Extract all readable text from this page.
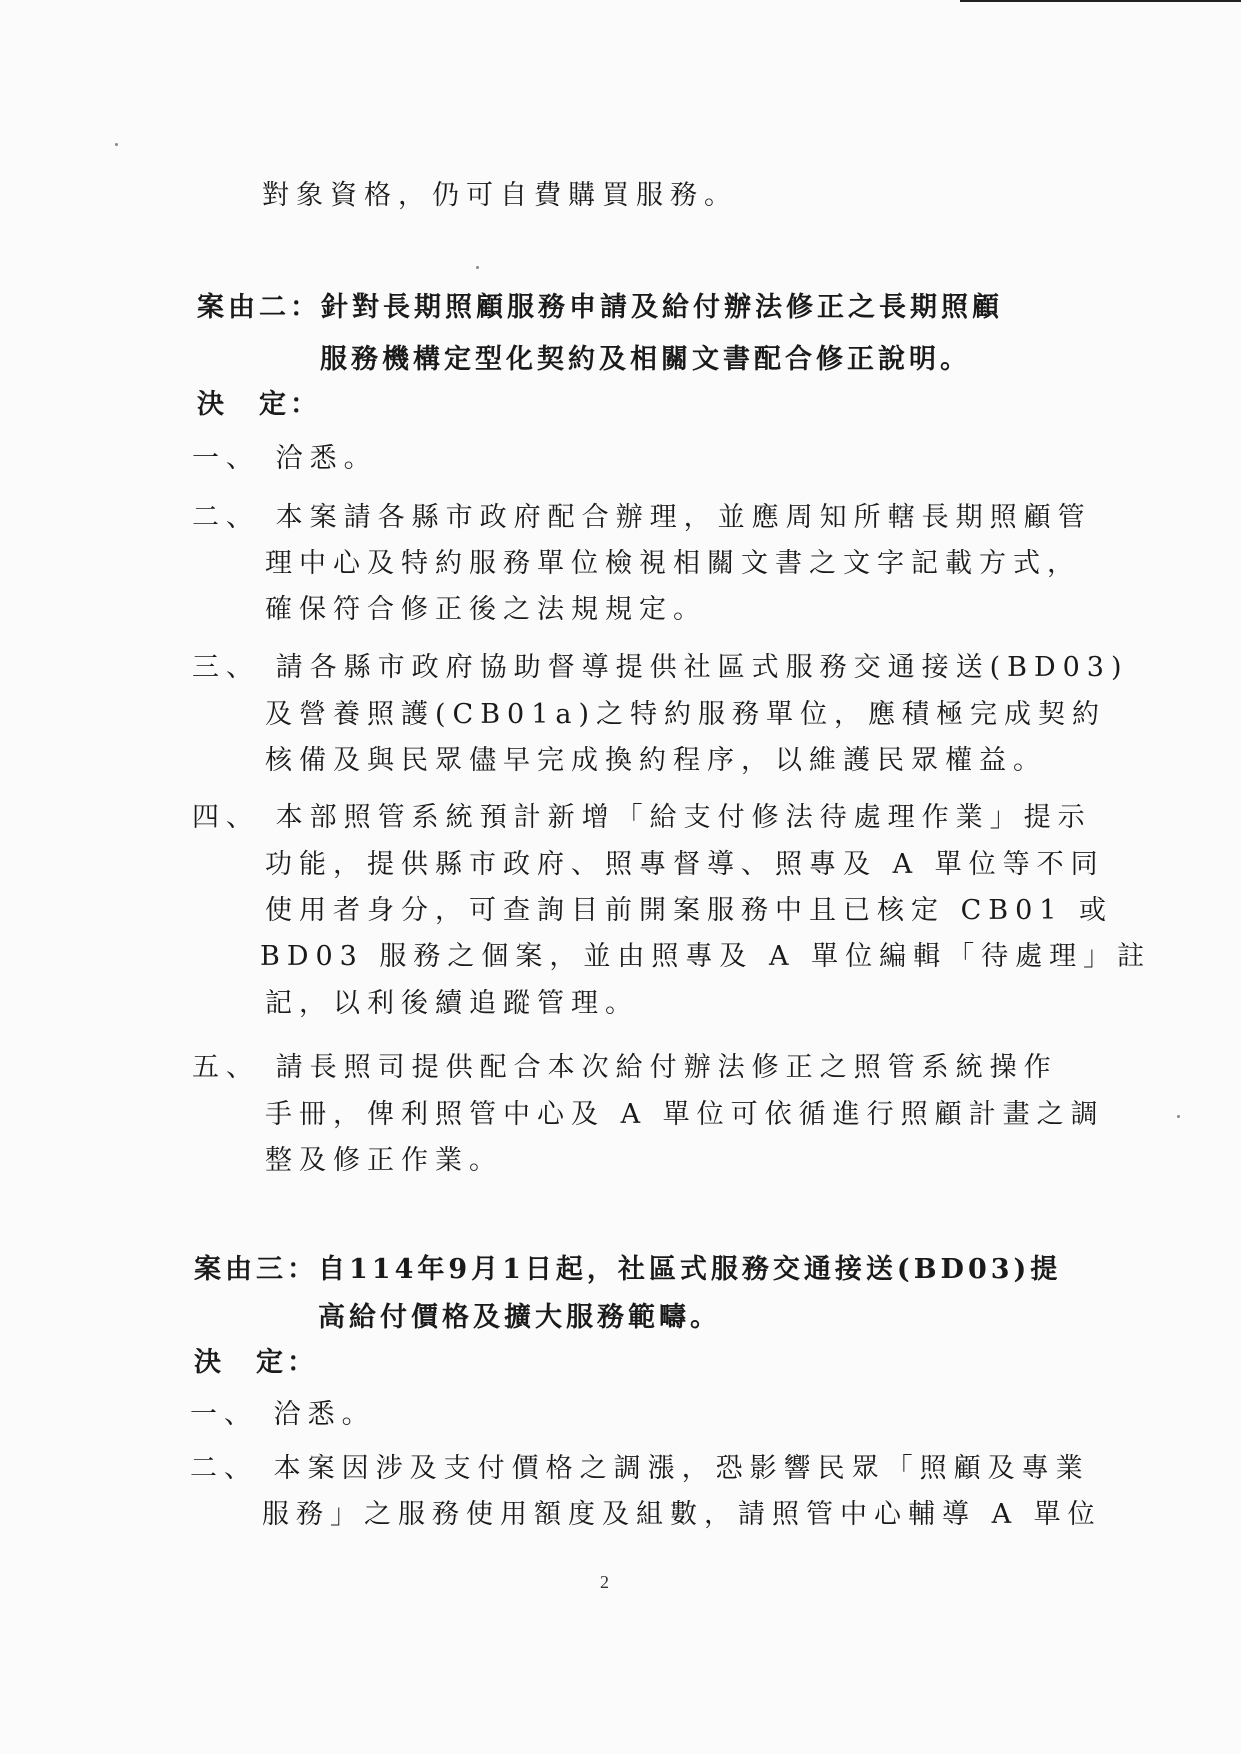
對象資格，仍可自費購買服務。
案由二：針對長期照顧服務申請及給付辦法修正之長期照顧
服務機構定型化契約及相關文書配合修正說明。
決　定：
一、 洽悉。
二、 本案請各縣市政府配合辦理，並應周知所轄長期照顧管
理中心及特約服務單位檢視相關文書之文字記載方式，
確保符合修正後之法規規定。
三、 請各縣市政府協助督導提供社區式服務交通接送(BD03)
及營養照護(CB01a)之特約服務單位，應積極完成契約
核備及與民眾儘早完成換約程序，以維護民眾權益。
四、 本部照管系統預計新增「給支付修法待處理作業」提示
功能，提供縣市政府、照專督導、照專及 A 單位等不同
使用者身分，可查詢目前開案服務中且已核定 CB01 或
BD03 服務之個案，並由照專及 A 單位編輯「待處理」註
記，以利後續追蹤管理。
五、 請長照司提供配合本次給付辦法修正之照管系統操作
手冊，俾利照管中心及 A 單位可依循進行照顧計畫之調
整及修正作業。
案由三：自114年9月1日起，社區式服務交通接送(BD03)提
高給付價格及擴大服務範疇。
決　定：
一、 洽悉。
二、 本案因涉及支付價格之調漲，恐影響民眾「照顧及專業
服務」之服務使用額度及組數，請照管中心輔導 A 單位
2
